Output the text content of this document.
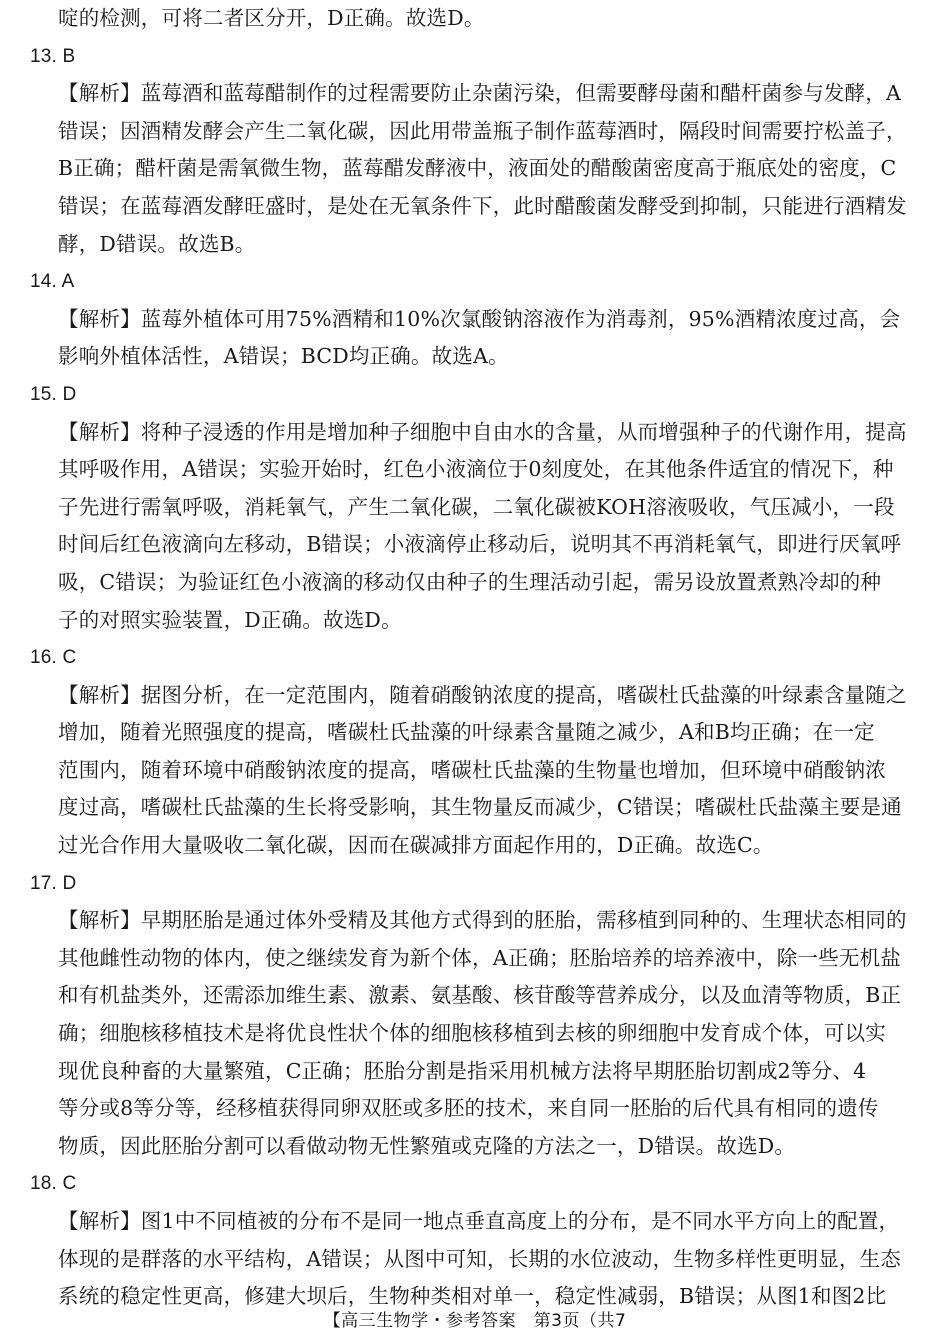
啶的检测，可将二者区分开，D正确。故选D。
13. B
【解析】蓝莓酒和蓝莓醋制作的过程需要防止杂菌污染，但需要酵母菌和醋杆菌参与发酵，A
错误；因酒精发酵会产生二氧化碳，因此用带盖瓶子制作蓝莓酒时，隔段时间需要拧松盖子，
B正确；醋杆菌是需氧微生物，蓝莓醋发酵液中，液面处的醋酸菌密度高于瓶底处的密度，C
错误；在蓝莓酒发酵旺盛时，是处在无氧条件下，此时醋酸菌发酵受到抑制，只能进行酒精发
酵，D错误。故选B。
14. A
【解析】蓝莓外植体可用75%酒精和10%次氯酸钠溶液作为消毒剂，95%酒精浓度过高，会
影响外植体活性，A错误；BCD均正确。故选A。
15. D
【解析】将种子浸透的作用是增加种子细胞中自由水的含量，从而增强种子的代谢作用，提高
其呼吸作用，A错误；实验开始时，红色小液滴位于0刻度处，在其他条件适宜的情况下，种
子先进行需氧呼吸，消耗氧气，产生二氧化碳，二氧化碳被KOH溶液吸收，气压减小，一段
时间后红色液滴向左移动，B错误；小液滴停止移动后，说明其不再消耗氧气，即进行厌氧呼
吸，C错误；为验证红色小液滴的移动仅由种子的生理活动引起，需另设放置煮熟冷却的种
子的对照实验装置，D正确。故选D。
16. C
【解析】据图分析，在一定范围内，随着硝酸钠浓度的提高，嗜碳杜氏盐藻的叶绿素含量随之
增加，随着光照强度的提高，嗜碳杜氏盐藻的叶绿素含量随之减少，A和B均正确；在一定
范围内，随着环境中硝酸钠浓度的提高，嗜碳杜氏盐藻的生物量也增加，但环境中硝酸钠浓
度过高，嗜碳杜氏盐藻的生长将受影响，其生物量反而减少，C错误；嗜碳杜氏盐藻主要是通
过光合作用大量吸收二氧化碳，因而在碳减排方面起作用的，D正确。故选C。
17. D
【解析】早期胚胎是通过体外受精及其他方式得到的胚胎，需移植到同种的、生理状态相同的
其他雌性动物的体内，使之继续发育为新个体，A正确；胚胎培养的培养液中，除一些无机盐
和有机盐类外，还需添加维生素、激素、氨基酸、核苷酸等营养成分，以及血清等物质，B正
确；细胞核移植技术是将优良性状个体的细胞核移植到去核的卵细胞中发育成个体，可以实
现优良种畜的大量繁殖，C正确；胚胎分割是指采用机械方法将早期胚胎切割成2等分、4
等分或8等分等，经移植获得同卵双胚或多胚的技术，来自同一胚胎的后代具有相同的遗传
物质，因此胚胎分割可以看做动物无性繁殖或克隆的方法之一，D错误。故选D。
18. C
【解析】图1中不同植被的分布不是同一地点垂直高度上的分布，是不同水平方向上的配置，
体现的是群落的水平结构，A错误；从图中可知，长期的水位波动，生物多样性更明显，生态
系统的稳定性更高，修建大坝后，生物种类相对单一，稳定性减弱，B错误；从图1和图2比
【高三生物学・参考答案　第3页（共7
